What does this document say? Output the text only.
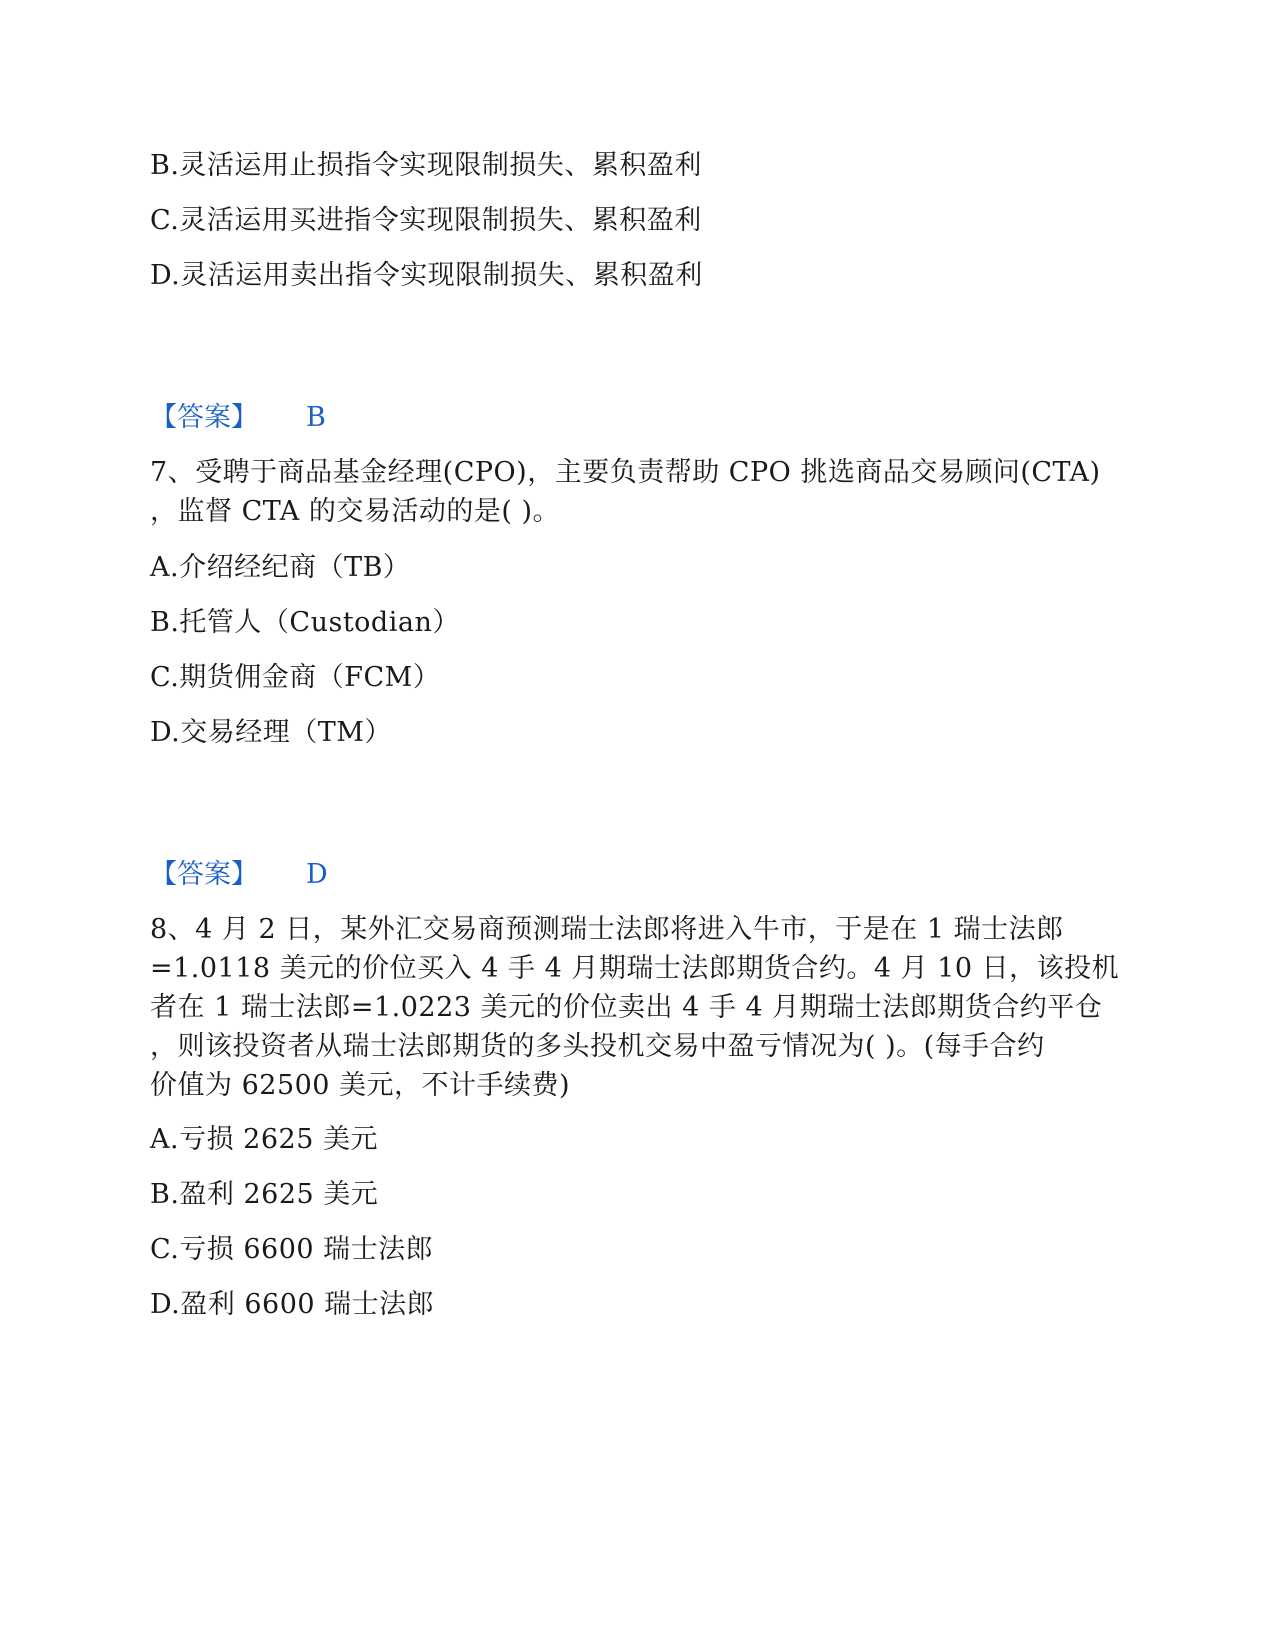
B.灵活运用止损指令实现限制损失、累积盈利
C.灵活运用买进指令实现限制损失、累积盈利
D.灵活运用卖出指令实现限制损失、累积盈利
【答案】 B
7、受聘于商品基金经理(CPO)，主要负责帮助 CPO 挑选商品交易顾问(CTA)
，监督 CTA 的交易活动的是( )。
A.介绍经纪商（TB）
B.托管人（Custodian）
C.期货佣金商（FCM）
D.交易经理（TM）
【答案】 D
8、4 月 2 日，某外汇交易商预测瑞士法郎将进入牛市，于是在 1 瑞士法郎
=1.0118 美元的价位买入 4 手 4 月期瑞士法郎期货合约。4 月 10 日，该投机
者在 1 瑞士法郎=1.0223 美元的价位卖出 4 手 4 月期瑞士法郎期货合约平仓
，则该投资者从瑞士法郎期货的多头投机交易中盈亏情况为( )。(每手合约
价值为 62500 美元，不计手续费)
A.亏损 2625 美元
B.盈利 2625 美元
C.亏损 6600 瑞士法郎
D.盈利 6600 瑞士法郎
